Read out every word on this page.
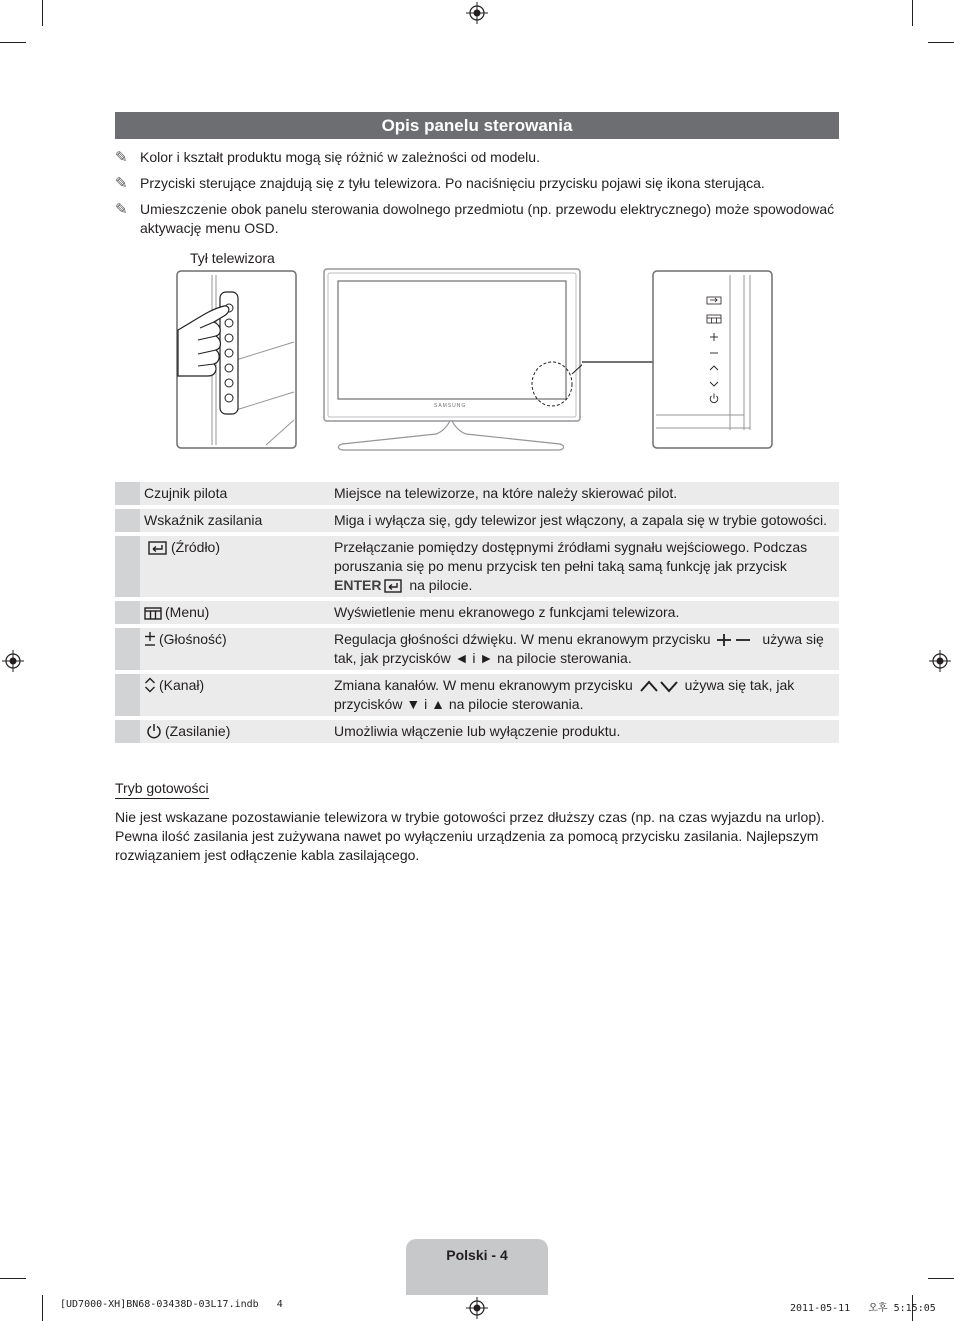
Opis panelu sterowania
✎ Kolor i kształt produktu mogą się różnić w zależności od modelu.
✎ Przyciski sterujące znajdują się z tyłu telewizora. Po naciśnięciu przycisku pojawi się ikona sterująca.
✎ Umieszczenie obok panelu sterowania dowolnego przedmiotu (np. przewodu elektrycznego) może spowodować aktywację menu OSD.
Tył telewizora
SAMSUNG
	Czujnik pilota	Miejsce na telewizorze, na które należy skierować pilot.
	Wskaźnik zasilania	Miga i wyłącza się, gdy telewizor jest włączony, a zapala się w trybie gotowości.
	(Źródło)	Przełączanie pomiędzy dostępnymi źródłami sygnału wejściowego. Podczas poruszania się po menu przycisk ten pełni taką samą funkcję jak przycisk ENTER na pilocie.
	(Menu)	Wyświetlenie menu ekranowego z funkcjami telewizora.
	(Głośność)	Regulacja głośności dźwięku. W menu ekranowym przycisku używa się tak, jak przycisków ◄ i ► na pilocie sterowania.
	(Kanał)	Zmiana kanałów. W menu ekranowym przycisku używa się tak, jak przycisków ▼ i ▲ na pilocie sterowania.
	(Zasilanie)	Umożliwia włączenie lub wyłączenie produktu.
Tryb gotowości
Nie jest wskazane pozostawianie telewizora w trybie gotowości przez dłuższy czas (np. na czas wyjazdu na urlop). Pewna ilość zasilania jest zużywana nawet po wyłączeniu urządzenia za pomocą przycisku zasilania. Najlepszym rozwiązaniem jest odłączenie kabla zasilającego.
Polski - 4
[UD7000-XH]BN68-03438D-03L17.indb   4	2011-05-11   오후 5:15:05
